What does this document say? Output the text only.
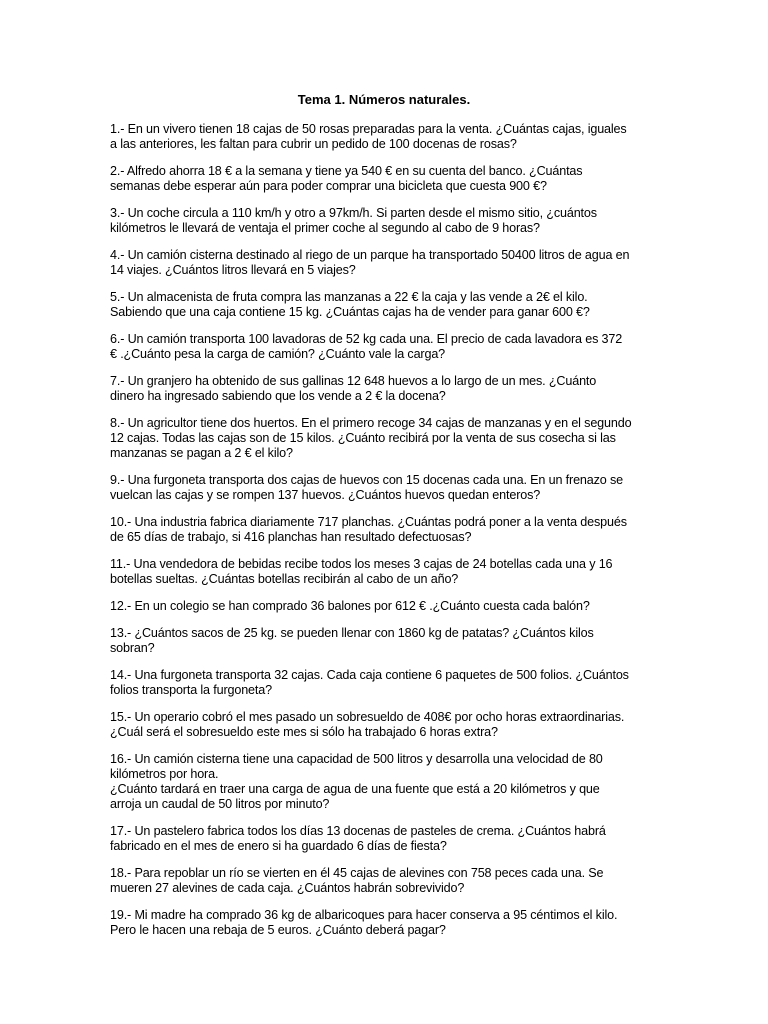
Tema 1. Números naturales.
1.- En un vivero tienen 18 cajas de 50 rosas preparadas para la venta. ¿Cuántas cajas, iguales
a las anteriores, les faltan para cubrir un pedido de 100 docenas de rosas?
2.- Alfredo ahorra 18 € a la semana y tiene ya 540 € en su cuenta del banco. ¿Cuántas
semanas debe esperar aún para poder comprar una bicicleta que cuesta 900 €?
3.- Un coche circula a 110 km/h y otro a 97km/h. Si parten desde el mismo sitio, ¿cuántos
kilómetros le llevará de ventaja el primer coche al segundo al cabo de 9 horas?
4.- Un camión cisterna destinado al riego de un parque ha transportado 50400 litros de agua en
14 viajes. ¿Cuántos litros llevará en 5 viajes?
5.- Un almacenista de fruta compra las manzanas a 22 € la caja y las vende a 2€ el kilo.
Sabiendo que una caja contiene 15 kg. ¿Cuántas cajas ha de vender para ganar 600 €?
6.- Un camión transporta 100 lavadoras de 52 kg cada una. El precio de cada lavadora es 372
€ .¿Cuánto pesa la carga de camión? ¿Cuánto vale la carga?
7.- Un granjero ha obtenido de sus gallinas 12 648 huevos a lo largo de un mes. ¿Cuánto
dinero ha ingresado sabiendo que los vende a 2 € la docena?
8.- Un agricultor tiene dos huertos. En el primero recoge 34 cajas de manzanas y en el segundo
12 cajas. Todas las cajas son de 15 kilos. ¿Cuánto recibirá por la venta de sus cosecha si las
manzanas se pagan a 2 € el kilo?
9.- Una furgoneta transporta dos cajas de huevos con 15 docenas cada una. En un frenazo se
vuelcan las cajas y se rompen 137 huevos. ¿Cuántos huevos quedan enteros?
10.- Una industria fabrica diariamente 717 planchas. ¿Cuántas podrá poner a la venta después
de 65 días de trabajo, si 416 planchas han resultado defectuosas?
11.- Una vendedora de bebidas recibe todos los meses 3 cajas de 24 botellas cada una y 16
botellas sueltas. ¿Cuántas botellas recibirán al cabo de un año?
12.- En un colegio se han comprado 36 balones por 612 € .¿Cuánto cuesta cada balón?
13.- ¿Cuántos sacos de 25 kg. se pueden llenar con 1860 kg de patatas? ¿Cuántos kilos
sobran?
14.- Una furgoneta transporta 32 cajas. Cada caja contiene 6 paquetes de 500 folios. ¿Cuántos
folios transporta la furgoneta?
15.- Un operario cobró el mes pasado un sobresueldo de 408€ por ocho horas extraordinarias.
¿Cuál será el sobresueldo este mes si sólo ha trabajado 6 horas extra?
16.- Un camión cisterna tiene una capacidad de 500 litros y desarrolla una velocidad de 80
kilómetros por hora.
¿Cuánto tardará en traer una carga de agua de una fuente que está a 20 kilómetros y que
arroja un caudal de 50 litros por minuto?
17.- Un pastelero fabrica todos los días 13 docenas de pasteles de crema. ¿Cuántos habrá
fabricado en el mes de enero si ha guardado 6 días de fiesta?
18.- Para repoblar un río se vierten en él 45 cajas de alevines con 758 peces cada una. Se
mueren 27 alevines de cada caja. ¿Cuántos habrán sobrevivido?
19.- Mi madre ha comprado 36 kg de albaricoques para hacer conserva a 95 céntimos el kilo.
Pero le hacen una rebaja de 5 euros. ¿Cuánto deberá pagar?
